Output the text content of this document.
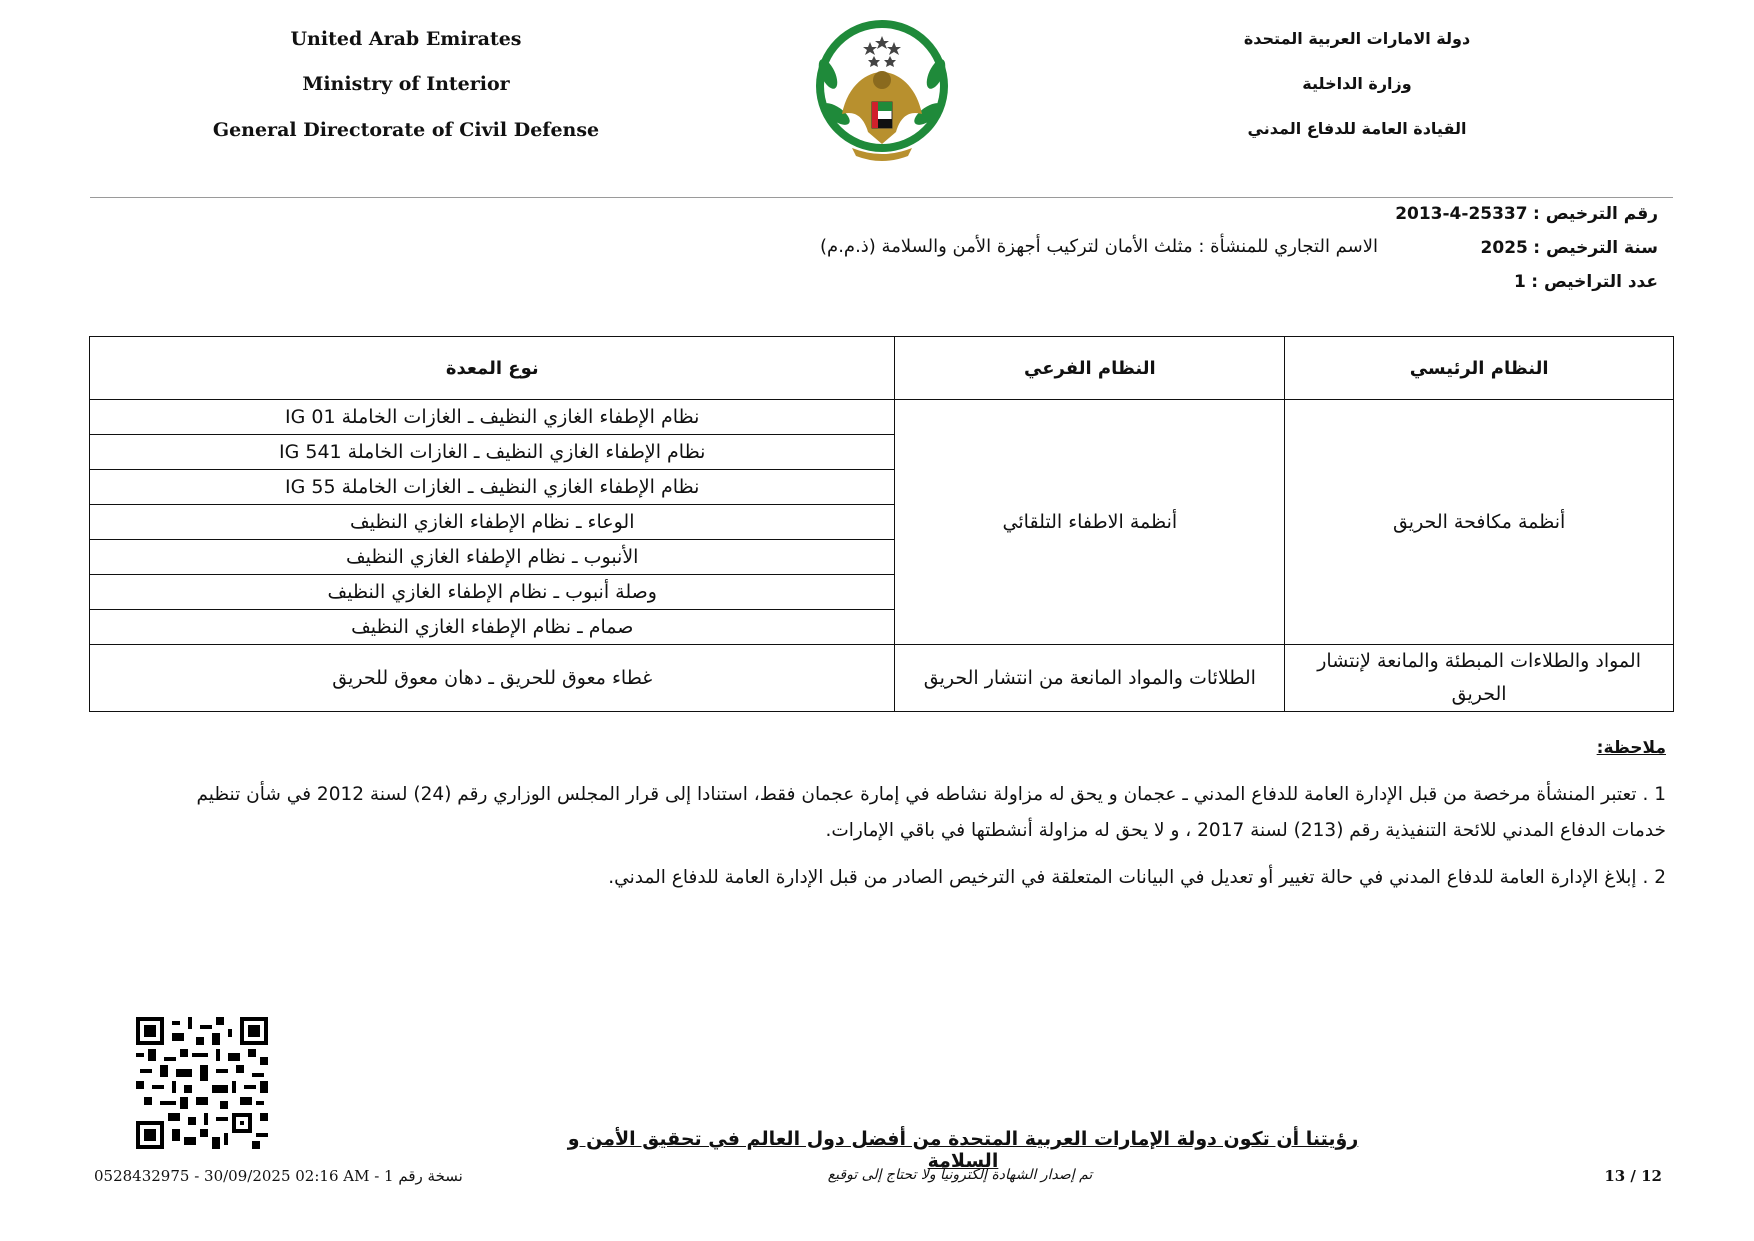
United Arab Emirates
Ministry of Interior
General Directorate of Civil Defense
دولة الامارات العربية المتحدة
وزارة الداخلية
القيادة العامة للدفاع المدني
رقم الترخيص : 2013-4-25337
سنة الترخيص : 2025
الاسم التجاري للمنشأة : مثلث الأمان لتركيب أجهزة الأمن والسلامة (ذ.م.م)
عدد التراخيص : 1
النظام الرئيسي	النظام الفرعي	نوع المعدة
أنظمة مكافحة الحريق	أنظمة الاطفاء التلقائي	نظام الإطفاء الغازي النظيف ـ الغازات الخاملة IG 01
		نظام الإطفاء الغازي النظيف ـ الغازات الخاملة IG 541
		نظام الإطفاء الغازي النظيف ـ الغازات الخاملة IG 55
		الوعاء ـ نظام الإطفاء الغازي النظيف
		الأنبوب ـ نظام الإطفاء الغازي النظيف
		وصلة أنبوب ـ نظام الإطفاء الغازي النظيف
		صمام ـ نظام الإطفاء الغازي النظيف
المواد والطلاءات المبطئة والمانعة لإنتشار الحريق	الطلائات والمواد المانعة من انتشار الحريق	غطاء معوق للحريق ـ دهان معوق للحريق
ملاحظة:
1 . تعتبر المنشأة مرخصة من قبل الإدارة العامة للدفاع المدني ـ عجمان و يحق له مزاولة نشاطه في إمارة عجمان فقط، استنادا إلى قرار المجلس الوزاري رقم (24) لسنة 2012 في شأن تنظيم خدمات الدفاع المدني للائحة التنفيذية رقم (213) لسنة 2017 ، و لا يحق له مزاولة أنشطتها في باقي الإمارات.
2 . إبلاغ الإدارة العامة للدفاع المدني في حالة تغيير أو تعديل في البيانات المتعلقة في الترخيص الصادر من قبل الإدارة العامة للدفاع المدني.
رؤيتنا أن تكون دولة الإمارات العربية المتحدة من أفضل دول العالم في تحقيق الأمن و السلامة
0528432975 - 30/09/2025 02:16 AM - 1 نسخة رقم	تم إصدار الشهادة إلكترونياً ولا تحتاج إلى توقيع	12 / 13
